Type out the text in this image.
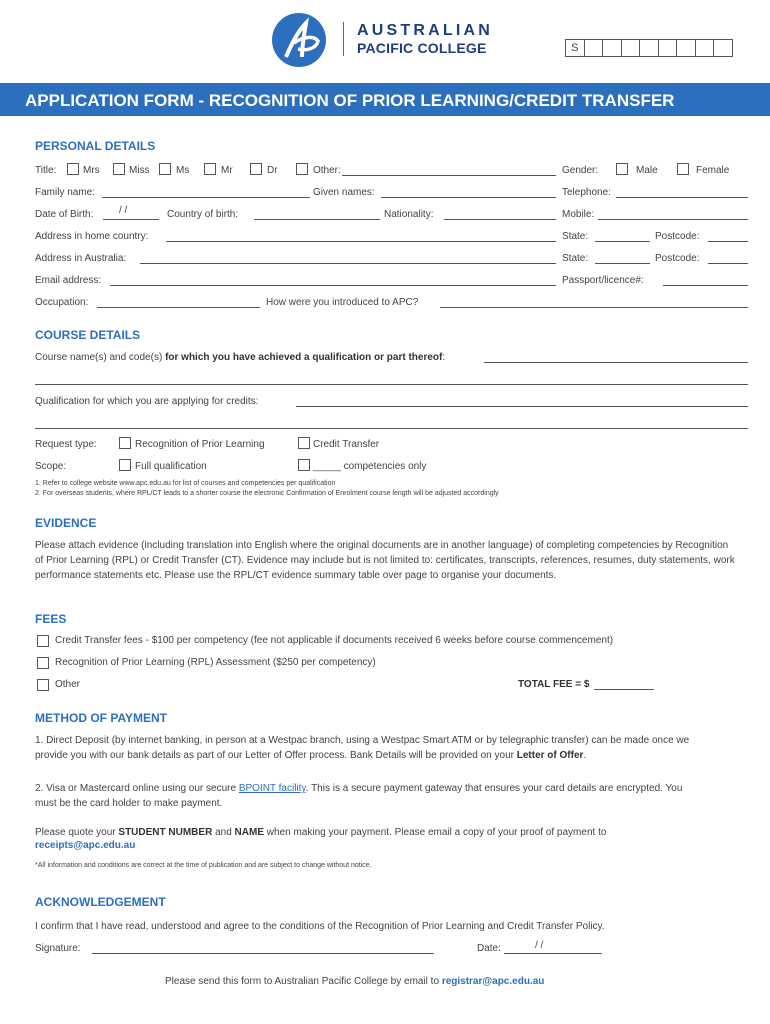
AUSTRALIAN
PACIFIC COLLEGE	S
APPLICATION FORM - RECOGNITION OF PRIOR LEARNING/CREDIT TRANSFER
PERSONAL DETAILS
Title:	Mrs	Miss	Ms	Mr	Dr	Other:	Gender:	Male	Female
Family name:	Given names:	Telephone:
Date of Birth:	/ /	Country of birth:	Nationality:	Mobile:
Address in home country:	State:	Postcode:
Address in Australia:	State:	Postcode:
Email address:	Passport/licence#:
Occupation:	How were you introduced to APC?
COURSE DETAILS
Course name(s) and code(s) for which you have achieved a qualification or part thereof:
Qualification for which you are applying for credits:
Request type:	Recognition of Prior Learning	Credit Transfer
Scope:	Full qualification	_____ competencies only
1. Refer to college website www.apc.edu.au for list of courses and competencies per qualification
2. For overseas students, where RPL/CT leads to a shorter course the electronic Confirmation of Enrolment course length will be adjusted accordingly
EVIDENCE
Please attach evidence (including translation into English where the original documents are in another language) of completing competencies by Recognition of Prior Learning (RPL) or Credit Transfer (CT). Evidence may include but is not limited to: certificates, transcripts, references, resumes, duty statements, work performance statements etc. Please use the RPL/CT evidence summary table over page to organise your documents.
FEES
Credit Transfer fees - $100 per competency (fee not applicable if documents received 6 weeks before course commencement)
Recognition of Prior Learning (RPL) Assessment ($250 per competency)
Other	TOTAL FEE = $
METHOD OF PAYMENT
1. Direct Deposit (by internet banking, in person at a Westpac branch, using a Westpac Smart ATM or by telegraphic transfer) can be made once we provide you with our bank details as part of our Letter of Offer process. Bank Details will be provided on your Letter of Offer.
2. Visa or Mastercard online using our secure BPOINT facility. This is a secure payment gateway that ensures your card details are encrypted. You must be the card holder to make payment.
Please quote your STUDENT NUMBER and NAME when making your payment. Please email a copy of your proof of payment to
receipts@apc.edu.au
*All information and conditions are correct at the time of publication and are subject to change without notice.
ACKNOWLEDGEMENT
I confirm that I have read, understood and agree to the conditions of the Recognition of Prior Learning and Credit Transfer Policy.
Signature:	Date:	/ /
Please send this form to Australian Pacific College by email to registrar@apc.edu.au
